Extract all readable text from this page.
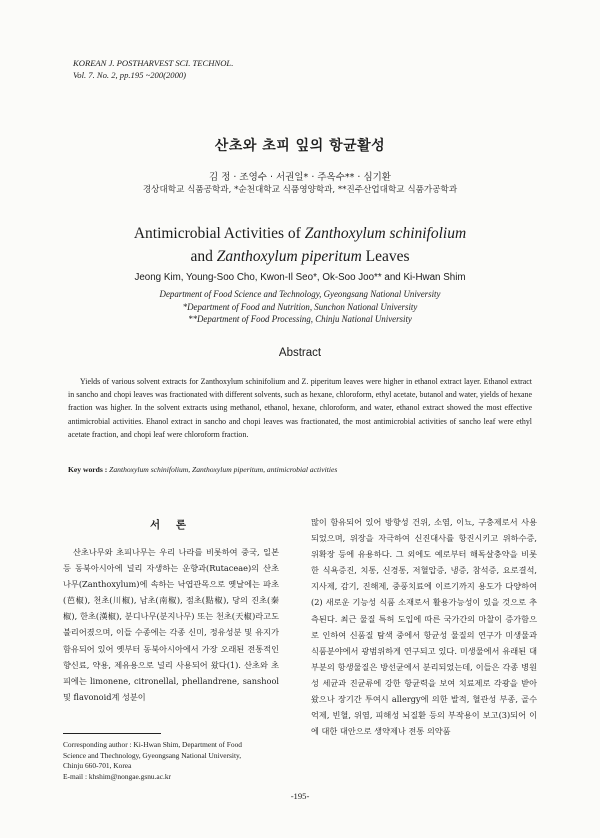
KOREAN J. POSTHARVEST SCI. TECHNOL.
Vol. 7. No. 2, pp.195 ~200(2000)
산초와 초피 잎의 항균활성
김 정 · 조영수 · 서권일* · 주옥수** · 심기환
경상대학교 식품공학과, *순천대학교 식품영양학과, **진주산업대학교 식품가공학과
Antimicrobial Activities of Zanthoxylum schinifolium
and Zanthoxylum piperitum Leaves
Jeong Kim, Young-Soo Cho, Kwon-Il Seo*, Ok-Soo Joo** and Ki-Hwan Shim
Department of Food Science and Technology, Gyeongsang National University
*Department of Food and Nutrition, Sunchon National University
**Department of Food Processing, Chinju National University
Abstract
Yields of various solvent extracts for Zanthoxylum schinifolium and Z. piperitum leaves were higher in ethanol extract layer. Ethanol extract in sancho and chopi leaves was fractionated with different solvents, such as hexane, chloroform, ethyl acetate, butanol and water, yields of hexane fraction was higher. In the solvent extracts using methanol, ethanol, hexane, chloroform, and water, ethanol extract showed the most effective antimicrobial activities. Ehanol extract in sancho and chopi leaves was fractionated, the most antimicrobial activities of sancho leaf were ethyl acetate fraction, and chopi leaf were chloroform fraction.
Key words : Zanthoxylum schinifolium, Zanthoxylum piperitum, antimicrobial activities
서 론
산초나무와 초피나무는 우리 나라를 비롯하여 중국, 일본 등 동북아시아에 널리 자생하는 운향과(Rutaceae)의 산초나무(Zanthoxylum)에 속하는 낙엽관목으로 옛날에는 파초(芭椒), 천초(川椒), 남초(南椒), 점초(點椒), 당의 진초(秦椒), 한초(漢椒), 분디나무(분지나무) 또는 천초(天椒)라고도 불리어졌으며, 이들 수종에는 각종 신미, 정유성분 및 유지가 함유되어 있어 옛부터 동북아시아에서 가장 오래된 전통적인 향신료, 약용, 제유용으로 널리 사용되어 왔다(1). 산초와 초피에는 limonene, citronellal, phellandrene, sanshool 및 flavonoid계 성분이
많이 함유되어 있어 방향성 건위, 소염, 이뇨, 구충제로서 사용되었으며, 위장을 자극하여 신진대사를 항진시키고 위하수증, 위확장 등에 유용하다. 그 외에도 예로부터 해독살충약을 비롯한 식욕증진, 치통, 신경통, 저혈압증, 냉증, 참석증, 요로결석, 지사제, 감기, 진해제, 중풍치료에 이르기까지 용도가 다양하여(2) 새로운 기능성 식품 소재로서 활용가능성이 있을 것으로 추측된다. 최근 물질 특허 도입에 따른 국가간의 마찰이 증가함으로 인하여 신품질 탐색 중에서 항균성 물질의 연구가 미생물과 식품분야에서 광범위하게 연구되고 있다. 미생물에서 유래된 대부분의 항생물질은 방선균에서 분리되었는데, 이들은 각종 병원성 세균과 진균류에 강한 항균력을 보여 치료제로 각광을 받아 왔으나 장기간 투여시 allergy에 의한 발적, 혈관성 부종, 골수억제, 빈혈, 위염, 피해성 뇌질환 등의 부작용이 보고(3)되어 이에 대한 대안으로 생약제나 전통 의약품
Corresponding author : Ki-Hwan Shim, Department of Food
Science and Thechnology, Gyeongsang National University,
Chinju 660-701, Korea
E-mail : khshim@nongae.gsnu.ac.kr
-195-
